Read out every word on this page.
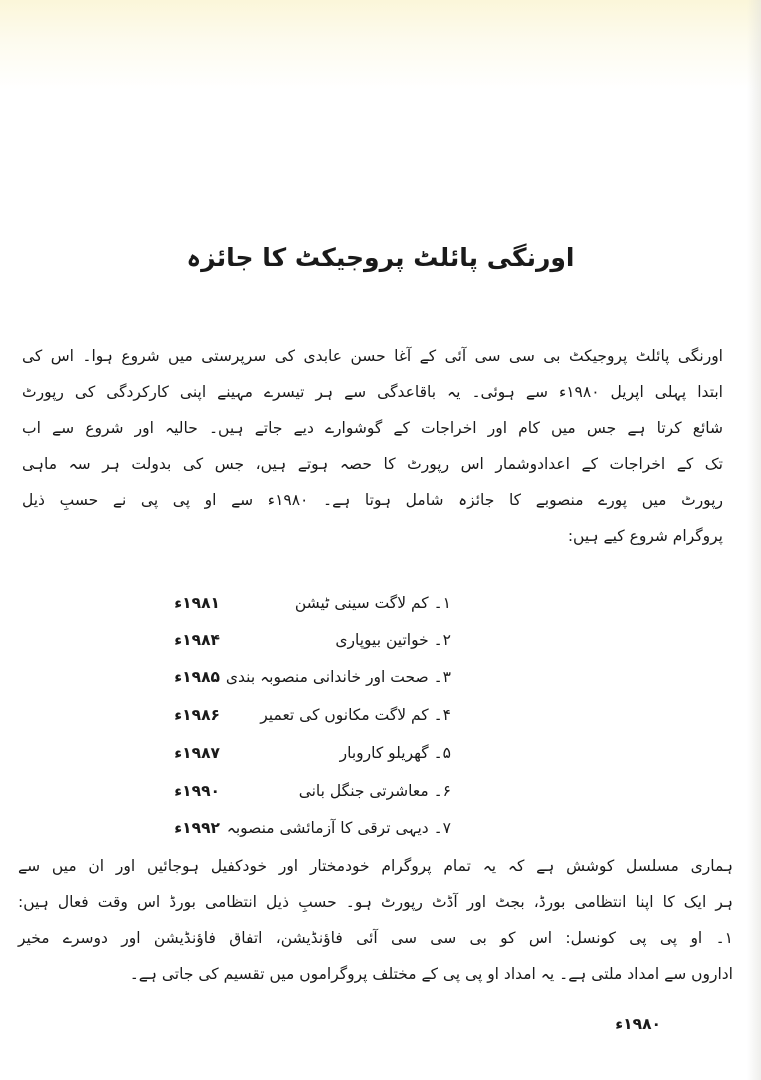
اورنگی پائلٹ پروجیکٹ کا جائزہ
اورنگی پائلٹ پروجیکٹ بی سی سی آئی کے آغا حسن عابدی کی سرپرستی میں شروع ہوا۔ اس کی
ابتدا پہلی اپریل ۱۹۸۰ء سے ہوئی۔ یہ باقاعدگی سے ہر تیسرے مہینے اپنی کارکردگی کی رپورٹ
شائع کرتا ہے جس میں کام اور اخراجات کے گوشوارے دیے جاتے ہیں۔ حالیہ اور شروع سے اب
تک کے اخراجات کے اعدادوشمار اس رپورٹ کا حصہ ہوتے ہیں، جس کی بدولت ہر سہ ماہی
رپورٹ میں پورے منصوبے کا جائزہ شامل ہوتا ہے۔ ۱۹۸۰ء سے او پی پی نے حسبِ ذیل
پروگرام شروع کیے ہیں:
۱۔ کم لاگت سینی ٹیشن
۱۹۸۱ء
۲۔ خواتین بیوپاری
۱۹۸۴ء
۳۔ صحت اور خاندانی منصوبہ بندی
۱۹۸۵ء
۴۔ کم لاگت مکانوں کی تعمیر
۱۹۸۶ء
۵۔ گھریلو کاروبار
۱۹۸۷ء
۶۔ معاشرتی جنگل بانی
۱۹۹۰ء
۷۔ دیہی ترقی کا آزمائشی منصوبہ
۱۹۹۲ء
ہماری مسلسل کوشش ہے کہ یہ تمام پروگرام خودمختار اور خودکفیل ہوجائیں اور ان میں سے
ہر ایک کا اپنا انتظامی بورڈ، بجٹ اور آڈٹ رپورٹ ہو۔ حسبِ ذیل انتظامی بورڈ اس وقت فعال ہیں:
۱۔ او پی پی کونسل: اس کو بی سی سی آئی فاؤنڈیشن، اتفاق فاؤنڈیشن اور دوسرے مخیر
اداروں سے امداد ملتی ہے۔ یہ امداد او پی پی کے مختلف پروگراموں میں تقسیم کی جاتی ہے۔
۱۹۸۰ء
